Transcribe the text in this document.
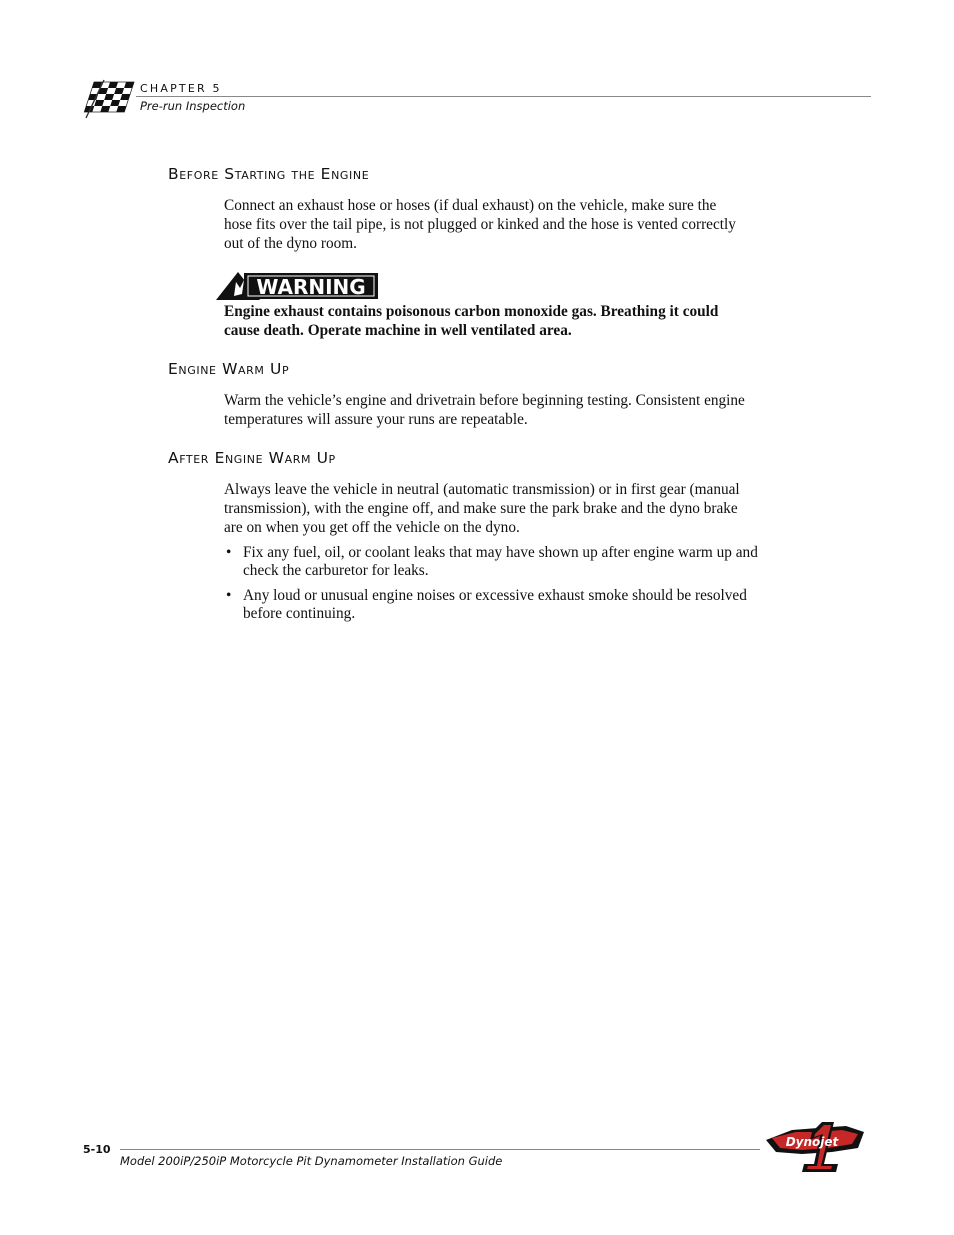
CHAPTER 5
Pre-run Inspection
Before Starting the Engine
Connect an exhaust hose or hoses (if dual exhaust) on the vehicle, make sure the
hose fits over the tail pipe, is not plugged or kinked and the hose is vented correctly
out of the dyno room.
WARNING
Engine exhaust contains poisonous carbon monoxide gas. Breathing it could
cause death. Operate machine in well ventilated area.
Engine Warm Up
Warm the vehicle’s engine and drivetrain before beginning testing. Consistent engine
temperatures will assure your runs are repeatable.
After Engine Warm Up
Always leave the vehicle in neutral (automatic transmission) or in first gear (manual
transmission), with the engine off, and make sure the park brake and the dyno brake
are on when you get off the vehicle on the dyno.
• Fix any fuel, oil, or coolant leaks that may have shown up after engine warm up and
check the carburetor for leaks.
• Any loud or unusual engine noises or excessive exhaust smoke should be resolved
before continuing.
5-10
Model 200iP/250iP Motorcycle Pit Dynamometer Installation Guide
Dynojet
